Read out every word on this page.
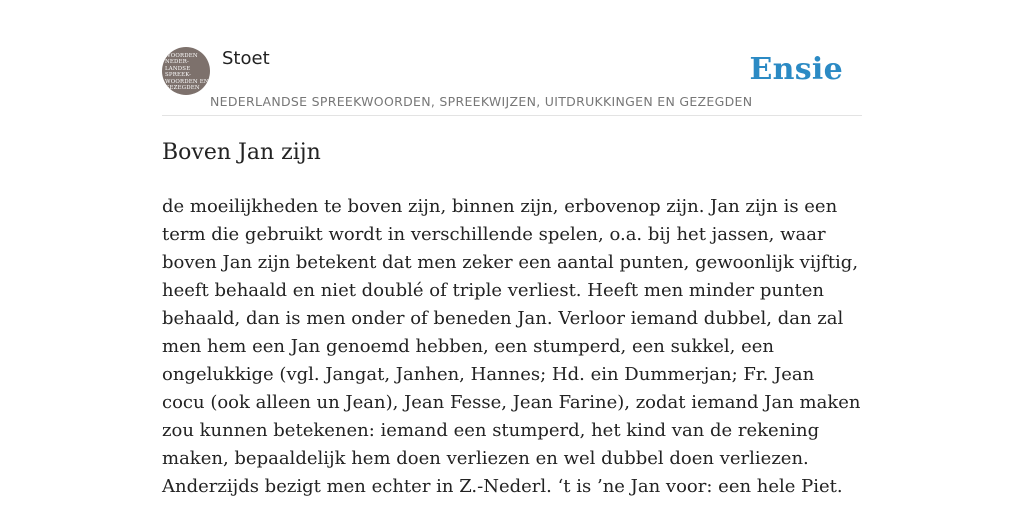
WOORDEN
NEDER-
LANDSE
SPREEK-
WOORDEN EN
GEZEGDEN
Stoet
NEDERLANDSE SPREEKWOORDEN, SPREEKWIJZEN, UITDRUKKINGEN EN GEZEGDEN
Ensie
Boven Jan zijn

de moeilijkheden te boven zijn, binnen zijn, erbovenop zijn. Jan zijn is een term die gebruikt wordt in verschillende spelen, o.a. bij het jassen, waar boven Jan zijn betekent dat men zeker een aantal punten, gewoonlijk vijftig, heeft behaald en niet doublé of triple verliest. Heeft men minder punten behaald, dan is men onder of beneden Jan. Verloor iemand dubbel, dan zal men hem een Jan genoemd hebben, een stumperd, een sukkel, een ongelukkige (vgl. Jangat, Janhen, Hannes; Hd. ein Dummerjan; Fr. Jean cocu (ook alleen un Jean), Jean Fesse, Jean Farine), zodat iemand Jan maken zou kunnen betekenen: iemand een stumperd, het kind van de rekening maken, bepaaldelijk hem doen verliezen en wel dubbel doen verliezen. Anderzijds bezigt men echter in Z.-Nederl. ‘t is ’ne Jan voor: een hele Piet.
